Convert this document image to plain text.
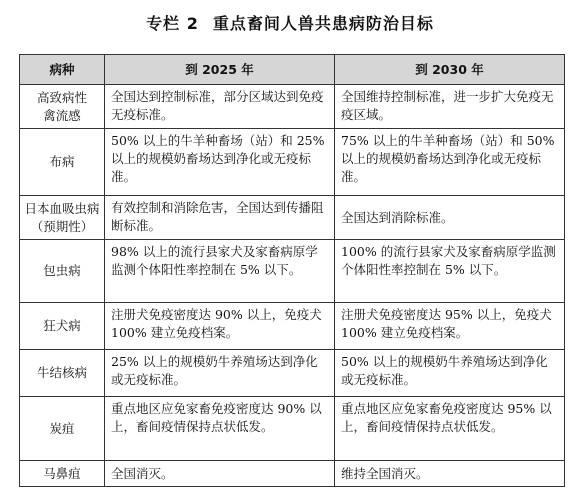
专栏 2 重点畜间人兽共患病防治目标
病种	到 2025 年	到 2030 年
高致病性
禽流感	全国达到控制标准，部分区域达到免疫无疫标准。	全国维持控制标准，进一步扩大免疫无疫区域。
布病	50% 以上的牛羊种畜场（站）和 25% 以上的规模奶畜场达到净化或无疫标准。	75% 以上的牛羊种畜场（站）和 50% 以上的规模奶畜场达到净化或无疫标准。
日本血吸虫病
（预期性）	有效控制和消除危害，全国达到传播阻断标准。	全国达到消除标准。
包虫病	98% 以上的流行县家犬及家畜病原学监测个体阳性率控制在 5% 以下。	100% 的流行县家犬及家畜病原学监测个体阳性率控制在 5% 以下。
狂犬病	注册犬免疫密度达 90% 以上，免疫犬 100% 建立免疫档案。	注册犬免疫密度达 95% 以上，免疫犬 100% 建立免疫档案。
牛结核病	25% 以上的规模奶牛养殖场达到净化或无疫标准。	50% 以上的规模奶牛养殖场达到净化或无疫标准。
炭疽	重点地区应免家畜免疫密度达 90% 以上，畜间疫情保持点状低发。	重点地区应免家畜免疫密度达 95% 以上，畜间疫情保持点状低发。
马鼻疽	全国消灭。	维持全国消灭。
